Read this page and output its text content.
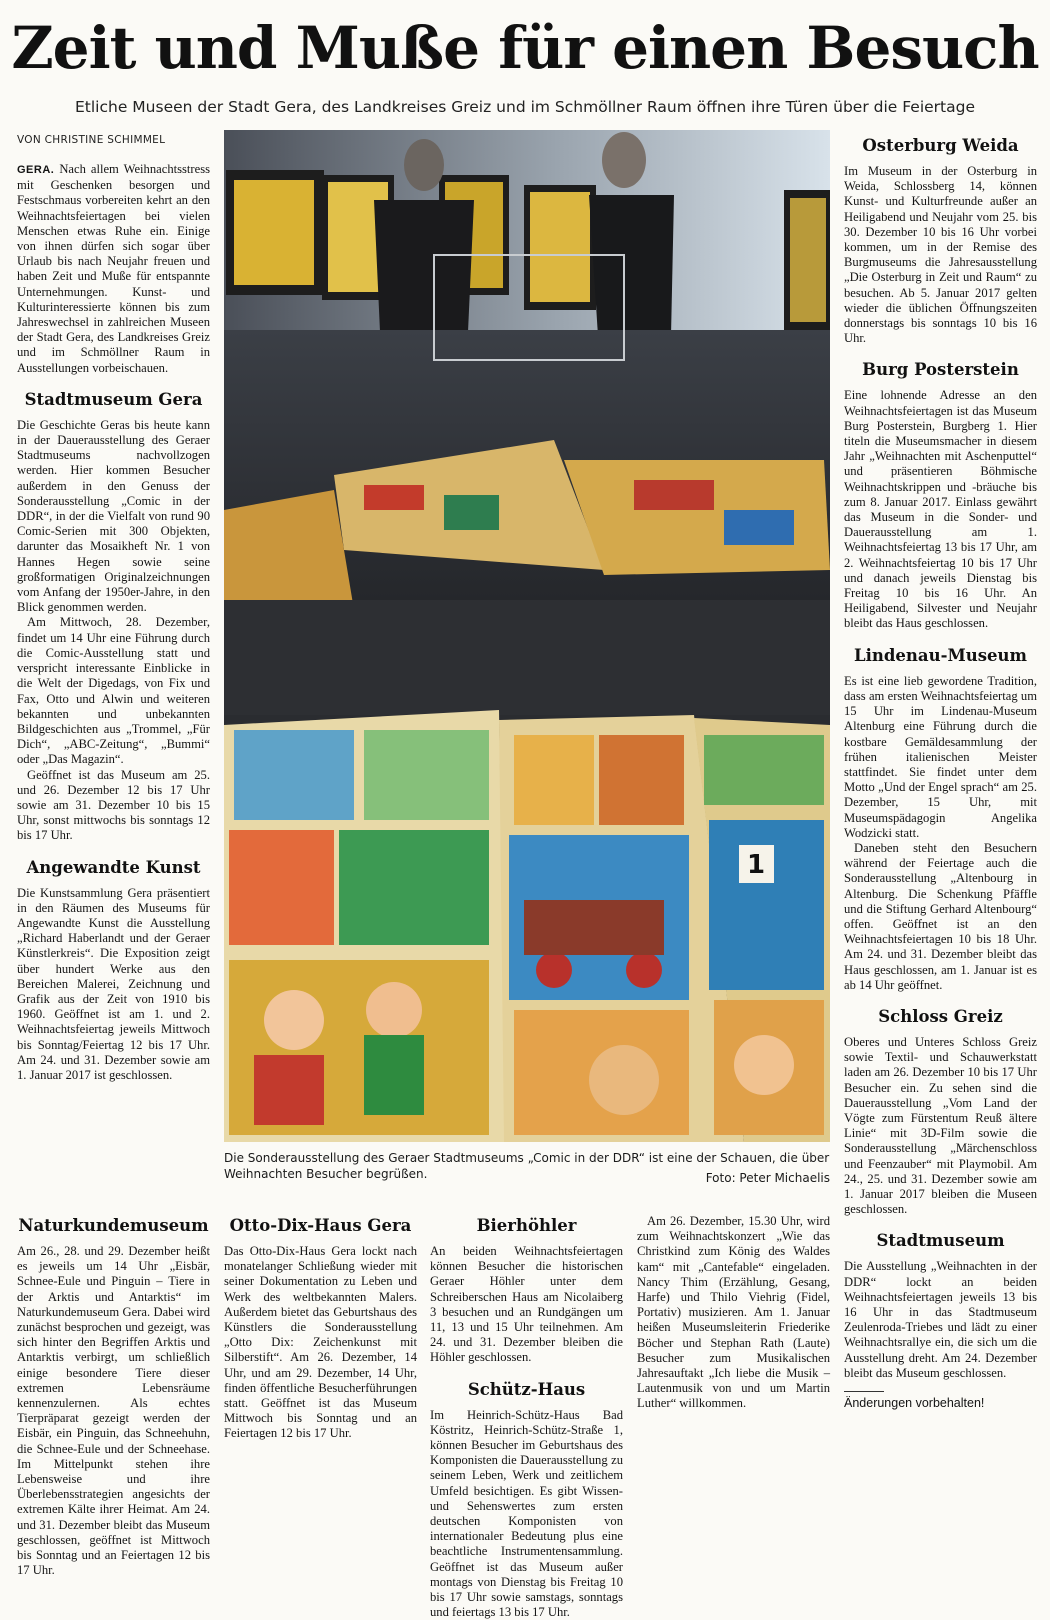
Zeit und Muße für einen Besuch
Etliche Museen der Stadt Gera, des Landkreises Greiz und im Schmöllner Raum öffnen ihre Türen über die Feiertage
VON CHRISTINE SCHIMMEL

GERA. Nach allem Weihnachtsstress mit Geschenken besorgen und Festschmaus vorbereiten kehrt an den Weihnachtsfeiertagen bei vielen Menschen etwas Ruhe ein. Einige von ihnen dürfen sich sogar über Urlaub bis nach Neujahr freuen und haben Zeit und Muße für entspannte Unternehmungen. Kunst- und Kulturinteressierte können bis zum Jahreswechsel in zahlreichen Museen der Stadt Gera, des Landkreises Greiz und im Schmöllner Raum in Ausstellungen vorbeischauen.

Stadtmuseum Gera

Die Geschichte Geras bis heute kann in der Dauerausstellung des Geraer Stadtmuseums nachvollzogen werden. Hier kommen Besucher außerdem in den Genuss der Sonderausstellung „Comic in der DDR“, in der die Vielfalt von rund 90 Comic-Serien mit 300 Objekten, darunter das Mosaikheft Nr. 1 von Hannes Hegen sowie seine großformatigen Originalzeichnungen vom Anfang der 1950er-Jahre, in den Blick genommen werden.

Am Mittwoch, 28. Dezember, findet um 14 Uhr eine Führung durch die Comic-Ausstellung statt und verspricht interessante Einblicke in die Welt der Digedags, von Fix und Fax, Otto und Alwin und weiteren bekannten und unbekannten Bildgeschichten aus „Trommel, „Für Dich“, „ABC-Zeitung“, „Bummi“ oder „Das Magazin“.

Geöffnet ist das Museum am 25. und 26. Dezember 12 bis 17 Uhr sowie am 31. Dezember 10 bis 15 Uhr, sonst mittwochs bis sonntags 12 bis 17 Uhr.

Angewandte Kunst

Die Kunstsammlung Gera präsentiert in den Räumen des Museums für Angewandte Kunst die Ausstellung „Richard Haberlandt und der Geraer Künstlerkreis“. Die Exposition zeigt über hundert Werke aus den Bereichen Malerei, Zeichnung und Grafik aus der Zeit von 1910 bis 1960. Geöffnet ist am 1. und 2. Weihnachtsfeiertag jeweils Mittwoch bis Sonntag/Feiertag 12 bis 17 Uhr. Am 24. und 31. Dezember sowie am 1. Januar 2017 ist geschlossen.

1
Die Sonderausstellung des Geraer Stadtmuseums „Comic in der DDR“ ist eine der Schauen, die über Weihnachten Besucher begrüßen.	Foto: Peter Michaelis
Naturkundemuseum

Am 26., 28. und 29. Dezember heißt es jeweils um 14 Uhr „Eisbär, Schnee-Eule und Pinguin – Tiere in der Arktis und Antarktis“ im Naturkundemuseum Gera. Dabei wird zunächst besprochen und gezeigt, was sich hinter den Begriffen Arktis und Antarktis verbirgt, um schließlich einige besondere Tiere dieser extremen Lebensräume kennenzulernen. Als echtes Tierpräparat gezeigt werden der Eisbär, ein Pinguin, das Schneehuhn, die Schnee-Eule und der Schneehase. Im Mittelpunkt stehen ihre Lebensweise und ihre Überlebensstrategien angesichts der extremen Kälte ihrer Heimat. Am 24. und 31. Dezember bleibt das Museum geschlossen, geöffnet ist Mittwoch bis Sonntag und an Feiertagen 12 bis 17 Uhr.

Otto-Dix-Haus Gera

Das Otto-Dix-Haus Gera lockt nach monatelanger Schließung wieder mit seiner Dokumentation zu Leben und Werk des weltbekannten Malers. Außerdem bietet das Geburtshaus des Künstlers die Sonderausstellung „Otto Dix: Zeichenkunst mit Silberstift“. Am 26. Dezember, 14 Uhr, und am 29. Dezember, 14 Uhr, finden öffentliche Besucherführungen statt. Geöffnet ist das Museum Mittwoch bis Sonntag und an Feiertagen 12 bis 17 Uhr.

Bierhöhler

An beiden Weihnachtsfeiertagen können Besucher die historischen Geraer Höhler unter dem Schreiberschen Haus am Nicolaiberg 3 besuchen und an Rundgängen um 11, 13 und 15 Uhr teilnehmen. Am 24. und 31. Dezember bleiben die Höhler geschlossen.

Schütz-Haus

Im Heinrich-Schütz-Haus Bad Köstritz, Heinrich-Schütz-Straße 1, können Besucher im Geburtshaus des Komponisten die Dauerausstellung zu seinem Leben, Werk und zeitlichem Umfeld besichtigen. Es gibt Wissen- und Sehenswertes zum ersten deutschen Komponisten von internationaler Bedeutung plus eine beachtliche Instrumentensammlung. Geöffnet ist das Museum außer montags von Dienstag bis Freitag 10 bis 17 Uhr sowie samstags, sonntags und feiertags 13 bis 17 Uhr.

Am 26. Dezember, 15.30 Uhr, wird zum Weihnachtskonzert „Wie das Christkind zum König des Waldes kam“ mit „Cantefable“ eingeladen. Nancy Thim (Erzählung, Gesang, Harfe) und Thilo Viehrig (Fidel, Portativ) musizieren. Am 1. Januar heißen Museumsleiterin Friederike Böcher und Stephan Rath (Laute) Besucher zum Musikalischen Jahresauftakt „Ich liebe die Musik – Lautenmusik von und um Martin Luther“ willkommen.

Osterburg Weida

Im Museum in der Osterburg in Weida, Schlossberg 14, können Kunst- und Kulturfreunde außer an Heiligabend und Neujahr vom 25. bis 30. Dezember 10 bis 16 Uhr vorbei kommen, um in der Remise des Burgmuseums die Jahresausstellung „Die Osterburg in Zeit und Raum“ zu besuchen. Ab 5. Januar 2017 gelten wieder die üblichen Öffnungszeiten donnerstags bis sonntags 10 bis 16 Uhr.

Burg Posterstein

Eine lohnende Adresse an den Weihnachtsfeiertagen ist das Museum Burg Posterstein, Burgberg 1. Hier titeln die Museumsmacher in diesem Jahr „Weihnachten mit Aschenputtel“ und präsentieren Böhmische Weihnachtskrippen und -bräuche bis zum 8. Januar 2017. Einlass gewährt das Museum in die Sonder- und Dauerausstellung am 1. Weihnachtsfeiertag 13 bis 17 Uhr, am 2. Weihnachtsfeiertag 10 bis 17 Uhr und danach jeweils Dienstag bis Freitag 10 bis 16 Uhr. An Heiligabend, Silvester und Neujahr bleibt das Haus geschlossen.

Lindenau-Museum

Es ist eine lieb gewordene Tradition, dass am ersten Weihnachtsfeiertag um 15 Uhr im Lindenau-Museum Altenburg eine Führung durch die kostbare Gemäldesammlung der frühen italienischen Meister stattfindet. Sie findet unter dem Motto „Und der Engel sprach“ am 25. Dezember, 15 Uhr, mit Museumspädagogin Angelika Wodzicki statt.

Daneben steht den Besuchern während der Feiertage auch die Sonderausstellung „Altenbourg in Altenburg. Die Schenkung Pfäffle und die Stiftung Gerhard Altenbourg“ offen. Geöffnet ist an den Weihnachtsfeiertagen 10 bis 18 Uhr. Am 24. und 31. Dezember bleibt das Haus geschlossen, am 1. Januar ist es ab 14 Uhr geöffnet.

Schloss Greiz

Oberes und Unteres Schloss Greiz sowie Textil- und Schauwerkstatt laden am 26. Dezember 10 bis 17 Uhr Besucher ein. Zu sehen sind die Dauerausstellung „Vom Land der Vögte zum Fürstentum Reuß ältere Linie“ mit 3D-Film sowie die Sonderausstellung „Märchenschloss und Feenzauber“ mit Playmobil. Am 24., 25. und 31. Dezember sowie am 1. Januar 2017 bleiben die Museen geschlossen.

Stadtmuseum

Die Ausstellung „Weihnachten in der DDR“ lockt an beiden Weihnachtsfeiertagen jeweils 13 bis 16 Uhr in das Stadtmuseum Zeulenroda-Triebes und lädt zu einer Weihnachtsrallye ein, die sich um die Ausstellung dreht. Am 24. Dezember bleibt das Museum geschlossen.

Änderungen vorbehalten!
